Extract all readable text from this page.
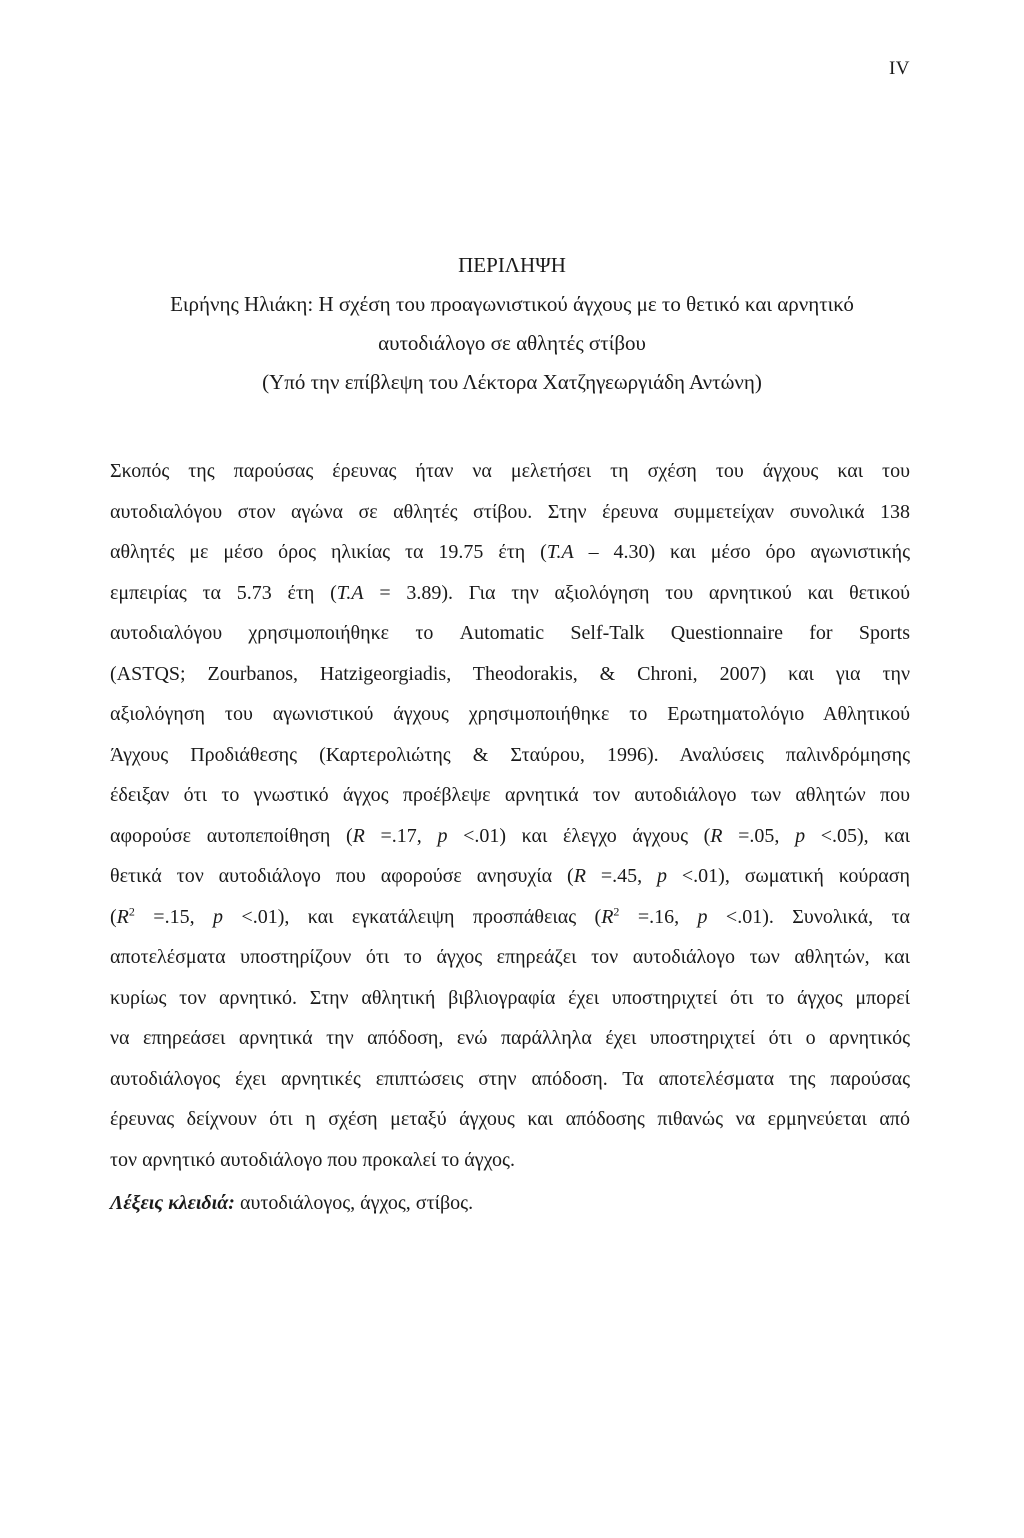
IV
ΠΕΡΙΛΗΨΗ
Ειρήνης Ηλιάκη: Η σχέση του προαγωνιστικού άγχους με το θετικό και αρνητικό
αυτοδιάλογο σε αθλητές στίβου
(Υπό την επίβλεψη του Λέκτορα Χατζηγεωργιάδη Αντώνη)
Σκοπός της παρούσας έρευνας ήταν να μελετήσει τη σχέση του άγχους και του
αυτοδιαλόγου στον αγώνα σε αθλητές στίβου. Στην έρευνα συμμετείχαν συνολικά 138
αθλητές με μέσο όρος ηλικίας τα 19.75 έτη (Τ.Α – 4.30) και μέσο όρο αγωνιστικής
εμπειρίας τα 5.73 έτη (Τ.Α = 3.89). Για την αξιολόγηση του αρνητικού και θετικού
αυτοδιαλόγου χρησιμοποιήθηκε το Automatic Self-Talk Questionnaire for Sports
(ASTQS; Zourbanos, Hatzigeorgiadis, Theodorakis, & Chroni, 2007) και για την
αξιολόγηση του αγωνιστικού άγχους χρησιμοποιήθηκε το Ερωτηματολόγιο Αθλητικού
Άγχους Προδιάθεσης (Καρτερολιώτης & Σταύρου, 1996). Αναλύσεις παλινδρόμησης
έδειξαν ότι το γνωστικό άγχος προέβλεψε αρνητικά τον αυτοδιάλογο των αθλητών που
αφορούσε αυτοπεποίθηση (R =.17, p <.01) και έλεγχο άγχους (R =.05, p <.05), και
θετικά τον αυτοδιάλογο που αφορούσε ανησυχία (R =.45, p <.01), σωματική κούραση
($R^2 =.15$, p <.01), και εγκατάλειψη προσπάθειας ($R^2 =.16$, p <.01). Συνολικά, τα
αποτελέσματα υποστηρίζουν ότι το άγχος επηρεάζει τον αυτοδιάλογο των αθλητών, και
κυρίως τον αρνητικό. Στην αθλητική βιβλιογραφία έχει υποστηριχτεί ότι το άγχος μπορεί
να επηρεάσει αρνητικά την απόδοση, ενώ παράλληλα έχει υποστηριχτεί ότι ο αρνητικός
αυτοδιάλογος έχει αρνητικές επιπτώσεις στην απόδοση. Τα αποτελέσματα της παρούσας
έρευνας δείχνουν ότι η σχέση μεταξύ άγχους και απόδοσης πιθανώς να ερμηνεύεται από
τον αρνητικό αυτοδιάλογο που προκαλεί το άγχος.
Λέξεις κλειδιά: αυτοδιάλογος, άγχος, στίβος.
